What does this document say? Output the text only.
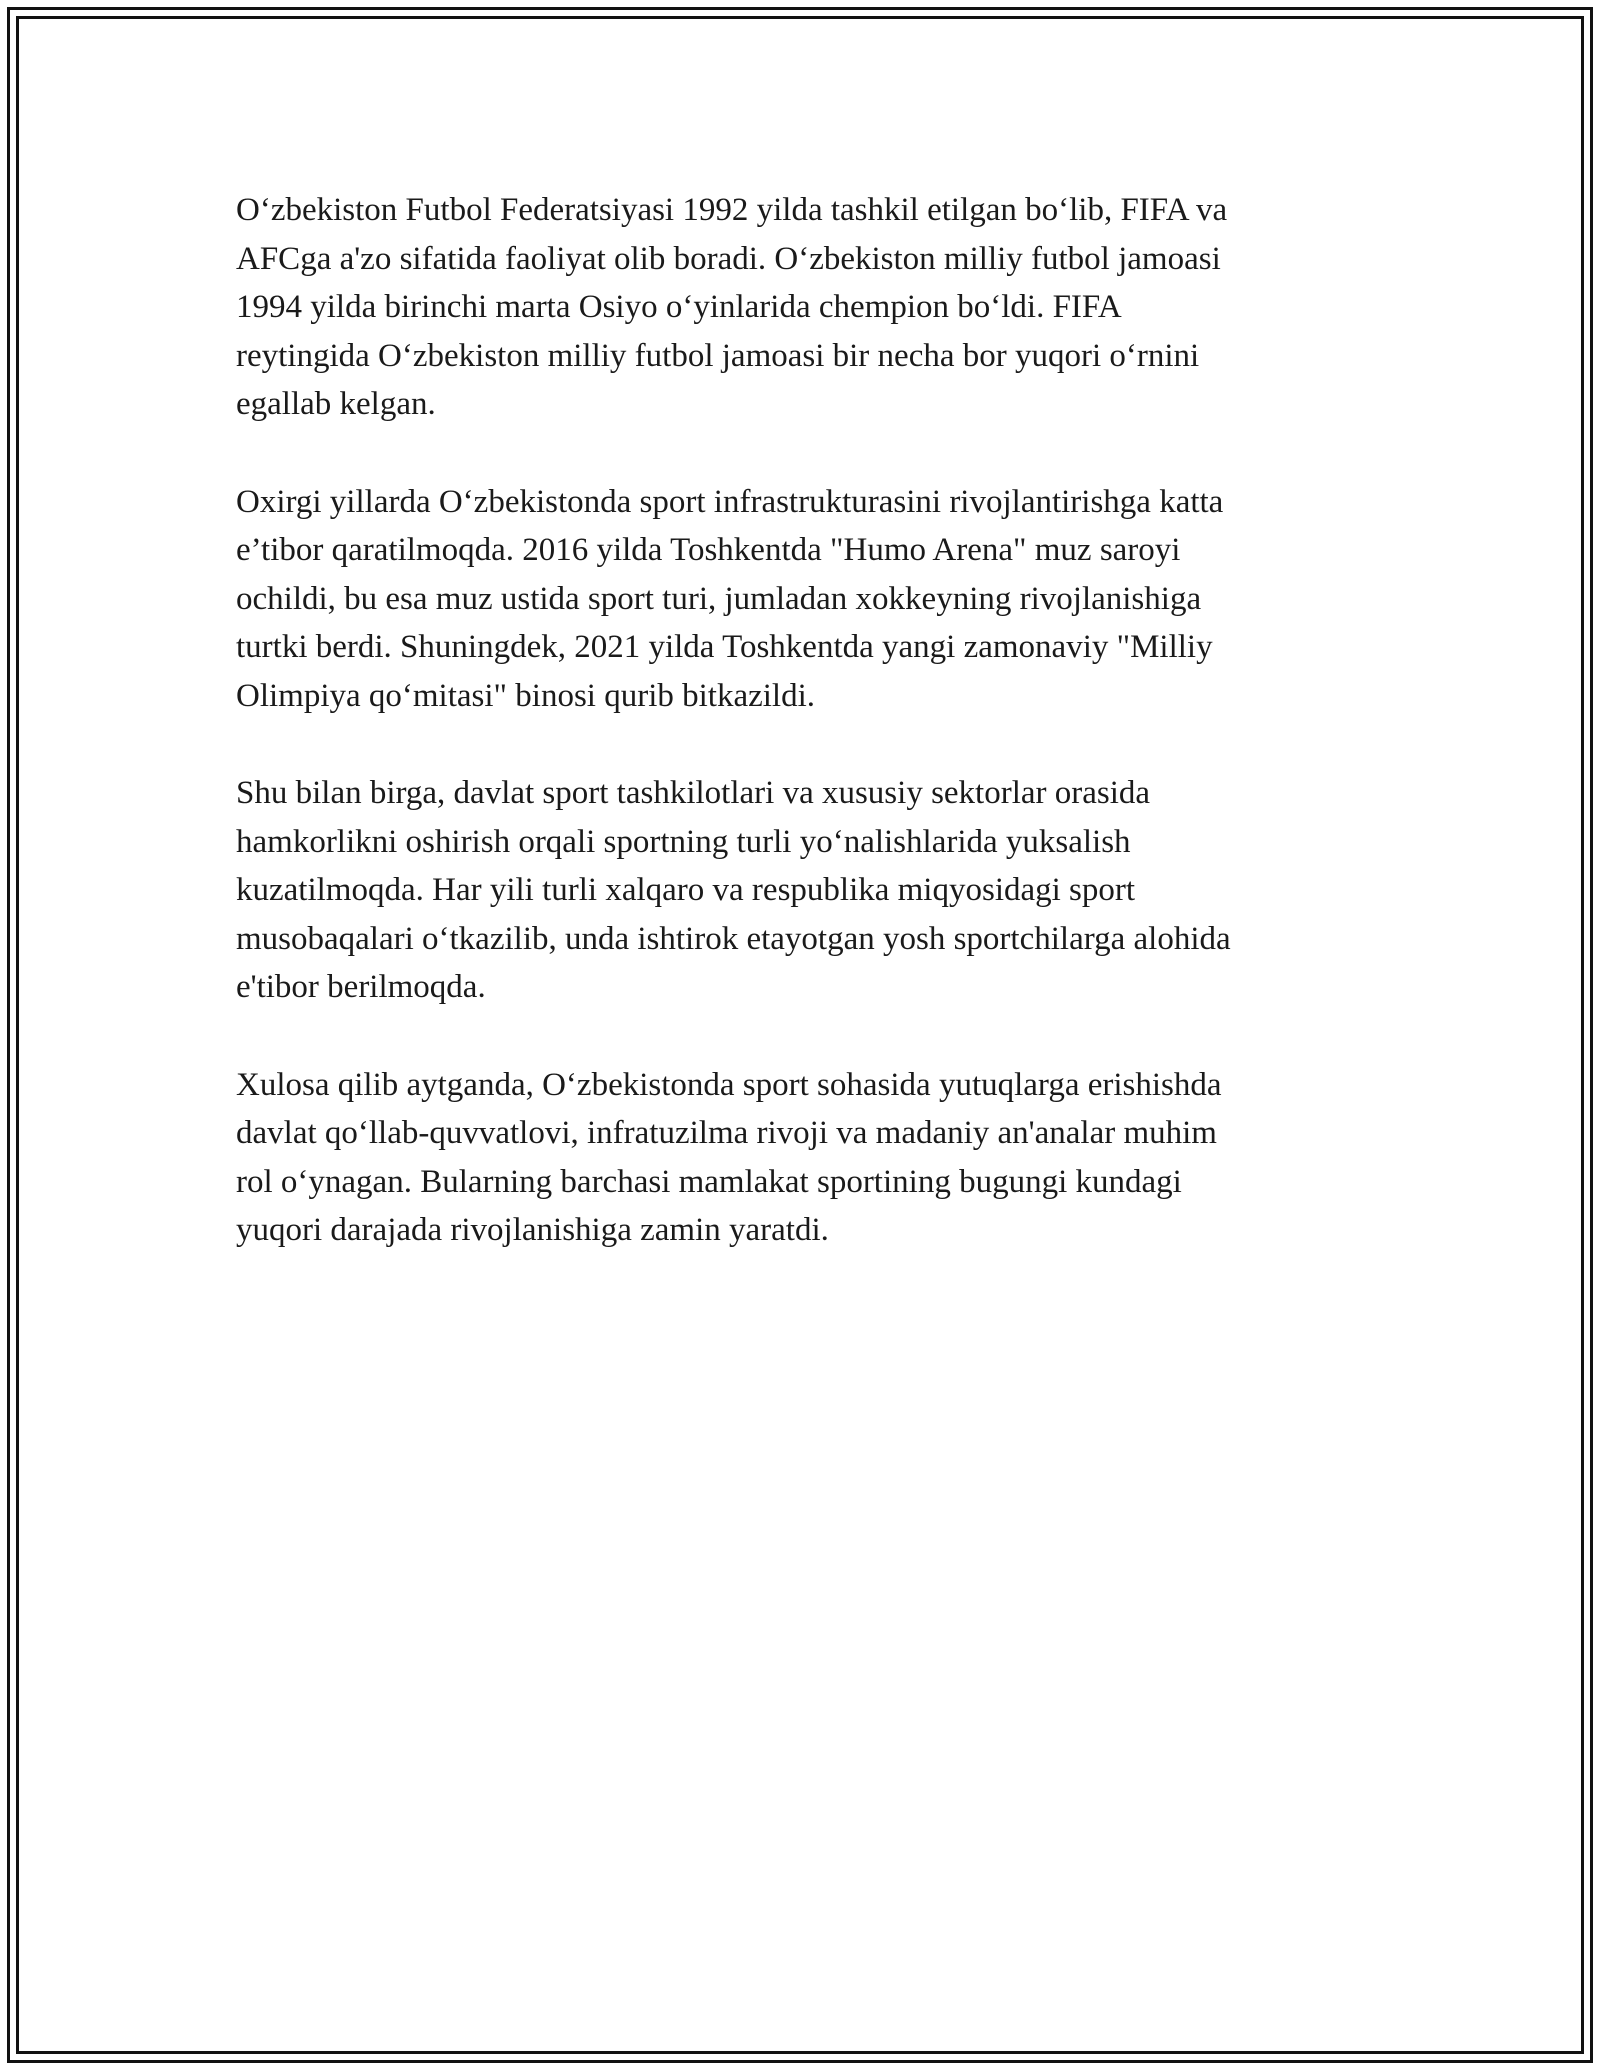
O‘zbekiston Futbol Federatsiyasi 1992 yilda tashkil etilgan bo‘lib, FIFA va
AFCga a'zo sifatida faoliyat olib boradi. O‘zbekiston milliy futbol jamoasi
1994 yilda birinchi marta Osiyo o‘yinlarida chempion bo‘ldi. FIFA
reytingida O‘zbekiston milliy futbol jamoasi bir necha bor yuqori o‘rnini
egallab kelgan.

Oxirgi yillarda O‘zbekistonda sport infrastrukturasini rivojlantirishga katta
e’tibor qaratilmoqda. 2016 yilda Toshkentda "Humo Arena" muz saroyi
ochildi, bu esa muz ustida sport turi, jumladan xokkeyning rivojlanishiga
turtki berdi. Shuningdek, 2021 yilda Toshkentda yangi zamonaviy "Milliy
Olimpiya qo‘mitasi" binosi qurib bitkazildi.

Shu bilan birga, davlat sport tashkilotlari va xususiy sektorlar orasida
hamkorlikni oshirish orqali sportning turli yo‘nalishlarida yuksalish
kuzatilmoqda. Har yili turli xalqaro va respublika miqyosidagi sport
musobaqalari o‘tkazilib, unda ishtirok etayotgan yosh sportchilarga alohida
e'tibor berilmoqda.

Xulosa qilib aytganda, O‘zbekistonda sport sohasida yutuqlarga erishishda
davlat qo‘llab-quvvatlovi, infratuzilma rivoji va madaniy an'analar muhim
rol o‘ynagan. Bularning barchasi mamlakat sportining bugungi kundagi
yuqori darajada rivojlanishiga zamin yaratdi.
